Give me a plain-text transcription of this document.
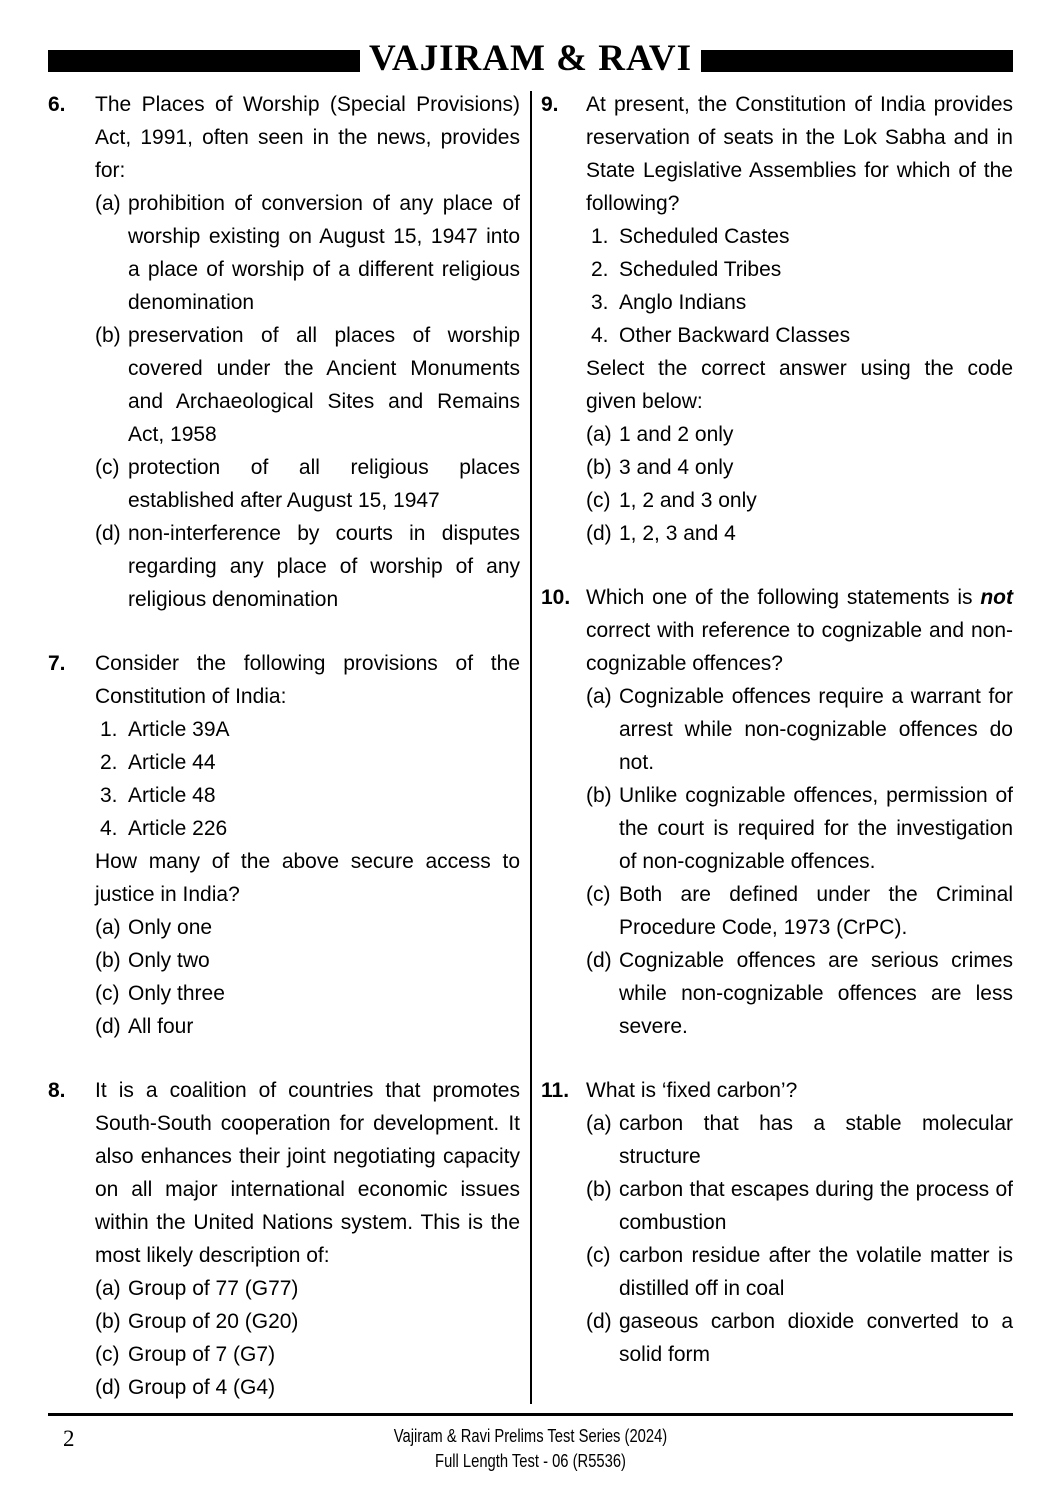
VAJIRAM & RAVI
6.	The Places of Worship (Special Provisions) Act, 1991, often seen in the news, provides for:

(a) prohibition of conversion of any place of worship existing on August 15, 1947 into a place of worship of a different religious denomination
(b) preservation of all places of worship covered under the Ancient Monuments and Archaeological Sites and Remains Act, 1958
(c) protection of all religious places established after August 15, 1947
(d) non-interference by courts in disputes regarding any place of worship of any religious denomination
7.	Consider the following provisions of the Constitution of India:

1. Article 39A
2. Article 44
3. Article 48
4. Article 226

How many of the above secure access to justice in India?

(a) Only one
(b) Only two
(c) Only three
(d) All four
8.	It is a coalition of countries that promotes South-South cooperation for development. It also enhances their joint negotiating capacity on all major international economic issues within the United Nations system. This is the most likely description of:

(a) Group of 77 (G77)
(b) Group of 20 (G20)
(c) Group of 7 (G7)
(d) Group of 4 (G4)
9.	At present, the Constitution of India provides reservation of seats in the Lok Sabha and in State Legislative Assemblies for which of the following?

1. Scheduled Castes
2. Scheduled Tribes
3. Anglo Indians
4. Other Backward Classes

Select the correct answer using the code given below:

(a) 1 and 2 only
(b) 3 and 4 only
(c) 1, 2 and 3 only
(d) 1, 2, 3 and 4
10. Which one of the following statements is not correct with reference to cognizable and non-cognizable offences?

(a) Cognizable offences require a warrant for arrest while non-cognizable offences do not.
(b) Unlike cognizable offences, permission of the court is required for the investigation of non-cognizable offences.
(c) Both are defined under the Criminal Procedure Code, 1973 (CrPC).
(d) Cognizable offences are serious crimes while non-cognizable offences are less severe.
11. What is ‘fixed carbon’?

(a) carbon that has a stable molecular structure
(b) carbon that escapes during the process of combustion
(c) carbon residue after the volatile matter is distilled off in coal
(d) gaseous carbon dioxide converted to a solid form
2	Vajiram & Ravi Prelims Test Series (2024)
Full Length Test - 06 (R5536)
